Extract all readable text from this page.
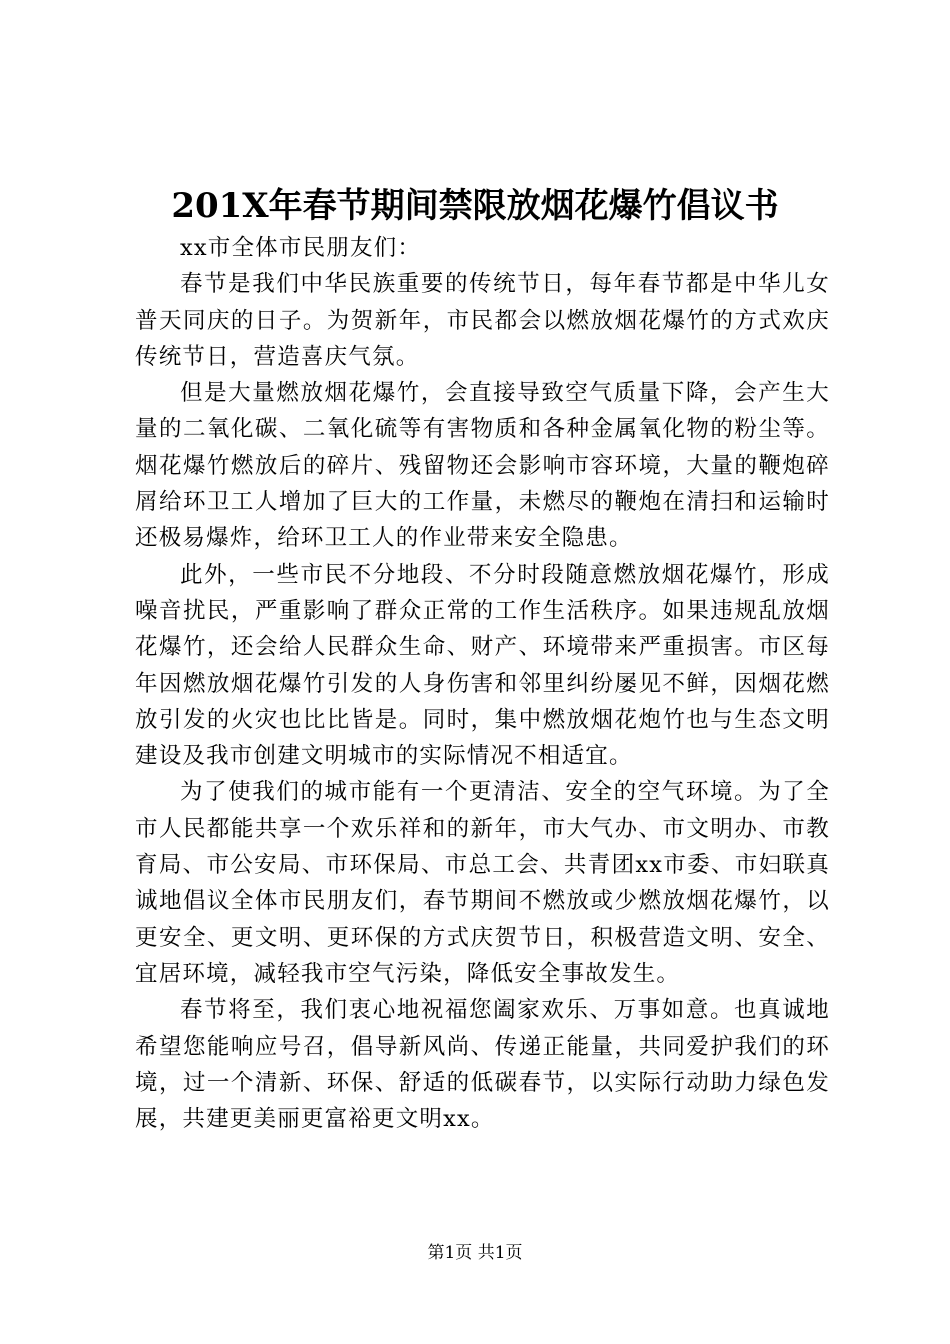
201X年春节期间禁限放烟花爆竹倡议书

xx市全体市民朋友们：

春节是我们中华民族重要的传统节日，每年春节都是中华儿女普天同庆的日子。为贺新年，市民都会以燃放烟花爆竹的方式欢庆传统节日，营造喜庆气氛。

但是大量燃放烟花爆竹，会直接导致空气质量下降，会产生大量的二氧化碳、二氧化硫等有害物质和各种金属氧化物的粉尘等。烟花爆竹燃放后的碎片、残留物还会影响市容环境，大量的鞭炮碎屑给环卫工人增加了巨大的工作量，未燃尽的鞭炮在清扫和运输时还极易爆炸，给环卫工人的作业带来安全隐患。

此外，一些市民不分地段、不分时段随意燃放烟花爆竹，形成噪音扰民，严重影响了群众正常的工作生活秩序。如果违规乱放烟花爆竹，还会给人民群众生命、财产、环境带来严重损害。市区每年因燃放烟花爆竹引发的人身伤害和邻里纠纷屡见不鲜，因烟花燃放引发的火灾也比比皆是。同时，集中燃放烟花炮竹也与生态文明建设及我市创建文明城市的实际情况不相适宜。

为了使我们的城市能有一个更清洁、安全的空气环境。为了全市人民都能共享一个欢乐祥和的新年，市大气办、市文明办、市教育局、市公安局、市环保局、市总工会、共青团xx市委、市妇联真诚地倡议全体市民朋友们，春节期间不燃放或少燃放烟花爆竹，以更安全、更文明、更环保的方式庆贺节日，积极营造文明、安全、宜居环境，减轻我市空气污染，降低安全事故发生。

春节将至，我们衷心地祝福您阖家欢乐、万事如意。也真诚地希望您能响应号召，倡导新风尚、传递正能量，共同爱护我们的环境，过一个清新、环保、舒适的低碳春节，以实际行动助力绿色发展，共建更美丽更富裕更文明xx。

第1页 共1页
